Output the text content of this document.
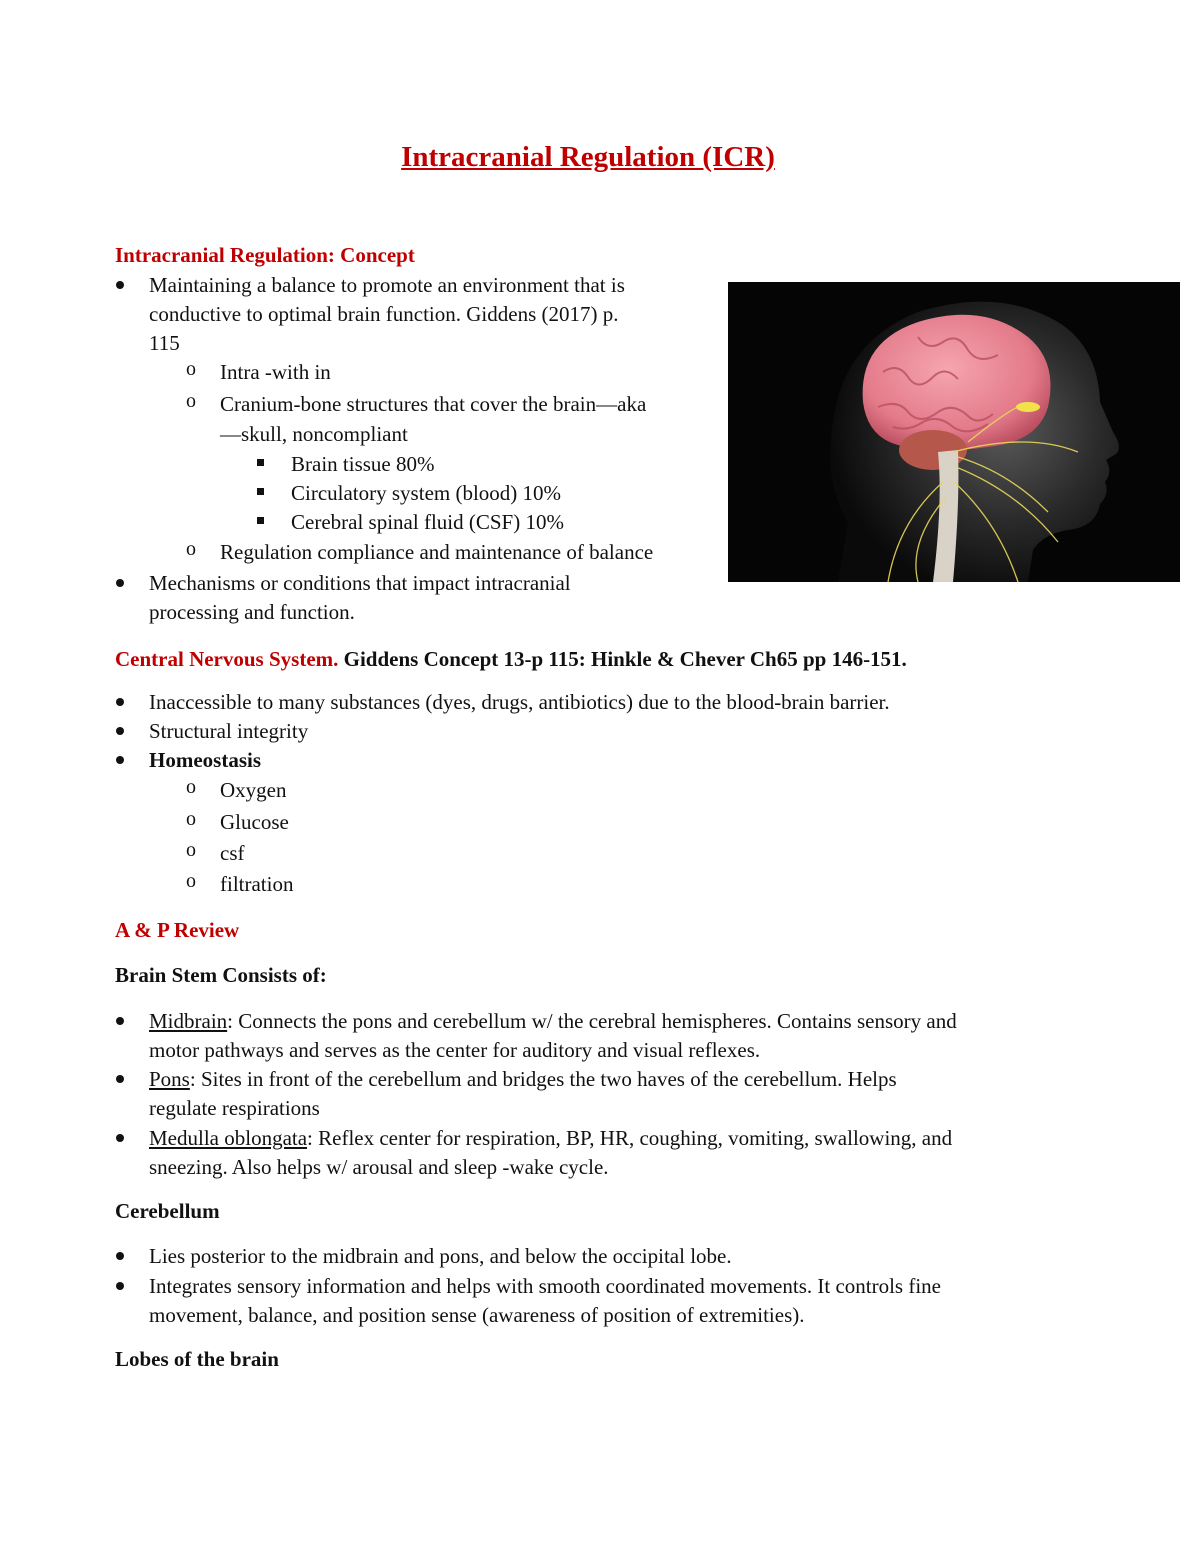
Intracranial Regulation (ICR)
Intracranial Regulation: Concept
Maintaining a balance to promote an environment that is
conductive to optimal brain function. Giddens (2017) p.
115
o Intra -with in
o Cranium-bone structures that cover the brain—aka
—skull, noncompliant
Brain tissue 80%
Circulatory system (blood) 10%
Cerebral spinal fluid (CSF) 10%
o Regulation compliance and maintenance of balance
Mechanisms or conditions that impact intracranial
processing and function.
Central Nervous System. Giddens Concept 13-p 115: Hinkle & Chever Ch65 pp 146-151.
Inaccessible to many substances (dyes, drugs, antibiotics) due to the blood-brain barrier.
Structural integrity
Homeostasis
o Oxygen
o Glucose
o csf
o filtration
A & P Review
Brain Stem Consists of:
Midbrain: Connects the pons and cerebellum w/ the cerebral hemispheres. Contains sensory and
motor pathways and serves as the center for auditory and visual reflexes.
Pons: Sites in front of the cerebellum and bridges the two haves of the cerebellum. Helps
regulate respirations
Medulla oblongata: Reflex center for respiration, BP, HR, coughing, vomiting, swallowing, and
sneezing. Also helps w/ arousal and sleep -wake cycle.
Cerebellum
Lies posterior to the midbrain and pons, and below the occipital lobe.
Integrates sensory information and helps with smooth coordinated movements. It controls fine
movement, balance, and position sense (awareness of position of extremities).
Lobes of the brain
